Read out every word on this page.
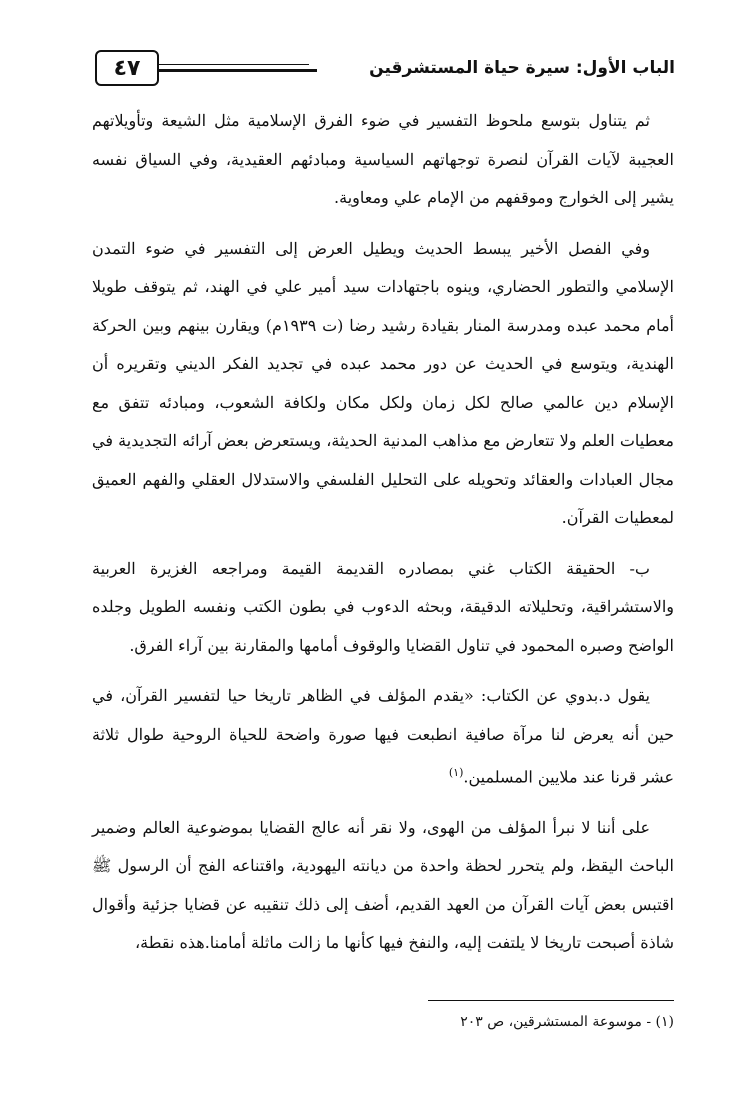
٤٧	الباب الأول: سيرة حياة المستشرقين

ثم يتناول بتوسع ملحوظ التفسير في ضوء الفرق الإسلامية مثل الشيعة وتأويلاتهم العجيبة لآيات القرآن لنصرة توجهاتهم السياسية ومبادئهم العقيدية، وفي السياق نفسه يشير إلى الخوارج وموقفهم من الإمام علي ومعاوية.

وفي الفصل الأخير يبسط الحديث ويطيل العرض إلى التفسير في ضوء التمدن الإسلامي والتطور الحضاري، وينوه باجتهادات سيد أمير علي في الهند، ثم يتوقف طويلا أمام محمد عبده ومدرسة المنار بقيادة رشيد رضا (ت ١٩٣٩م) ويقارن بينهم وبين الحركة الهندية، ويتوسع في الحديث عن دور محمد عبده في تجديد الفكر الديني وتقريره أن الإسلام دين عالمي صالح لكل زمان ولكل مكان ولكافة الشعوب، ومبادئه تتفق مع معطيات العلم ولا تتعارض مع مذاهب المدنية الحديثة، ويستعرض بعض آرائه التجديدية في مجال العبادات والعقائد وتحويله على التحليل الفلسفي والاستدلال العقلي والفهم العميق لمعطيات القرآن.

ب- الحقيقة الكتاب غني بمصادره القديمة القيمة ومراجعه الغزيرة العربية والاستشراقية، وتحليلاته الدقيقة، وبحثه الدءوب في بطون الكتب ونفسه الطويل وجلده الواضح وصبره المحمود في تناول القضايا والوقوف أمامها والمقارنة بين آراء الفرق.

يقول د.بدوي عن الكتاب: «يقدم المؤلف في الظاهر تاريخا حيا لتفسير القرآن، في حين أنه يعرض لنا مرآة صافية انطبعت فيها صورة واضحة للحياة الروحية طوال ثلاثة عشر قرنا عند ملايين المسلمين.$^{(١)}$

على أننا لا نبرأ المؤلف من الهوى، ولا نقر أنه عالج القضايا بموضوعية العالم وضمير الباحث اليقظ، ولم يتحرر لحظة واحدة من ديانته اليهودية، واقتناعه الفج أن الرسول ﷺ اقتبس بعض آيات القرآن من العهد القديم، أضف إلى ذلك تنقيبه عن قضايا جزئية وأقوال شاذة أصبحت تاريخا لا يلتفت إليه، والنفخ فيها كأنها ما زالت ماثلة أمامنا.هذه نقطة،

(١) - موسوعة المستشرقين، ص ٢٠٣
